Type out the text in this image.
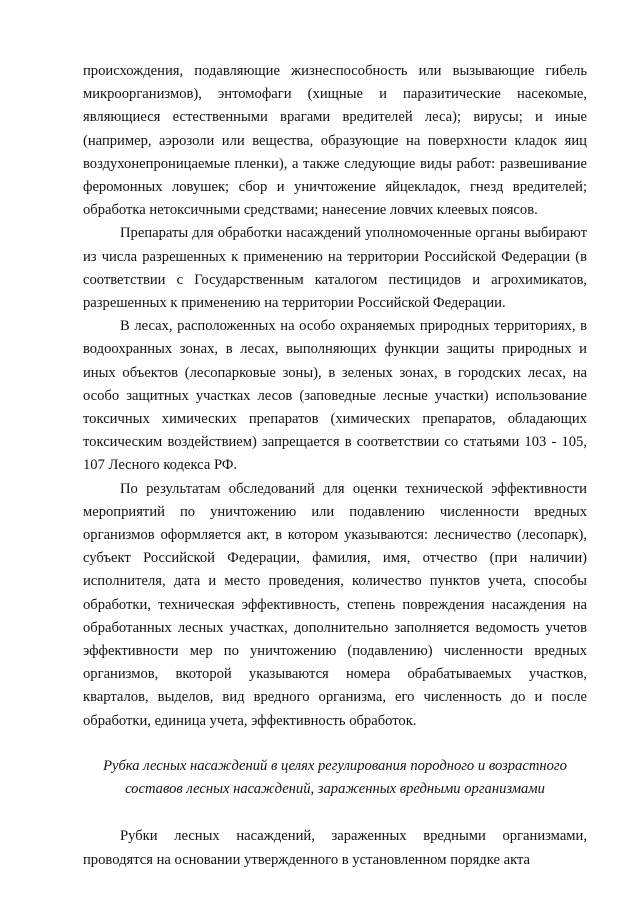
происхождения, подавляющие жизнеспособность или вызывающие гибель микроорганизмов), энтомофаги (хищные и паразитические насекомые, являющиеся естественными врагами вредителей леса); вирусы; и иные (например, аэрозоли или вещества, образующие на поверхности кладок яиц воздухонепроницаемые пленки), а также следующие виды работ: развешивание феромонных ловушек; сбор и уничтожение яйцекладок, гнезд вредителей; обработка нетоксичными средствами; нанесение ловчих клеевых поясов.

Препараты для обработки насаждений уполномоченные органы выбирают из числа разрешенных к применению на территории Российской Федерации (в соответствии с Государственным каталогом пестицидов и агрохимикатов, разрешенных к применению на территории Российской Федерации.

В лесах, расположенных на особо охраняемых природных территориях, в водоохранных зонах, в лесах, выполняющих функции защиты природных и иных объектов (лесопарковые зоны), в зеленых зонах, в городских лесах, на особо защитных участках лесов (заповедные лесные участки) использование токсичных химических препаратов (химических препаратов, обладающих токсическим воздействием) запрещается в соответствии со статьями 103 - 105, 107 Лесного кодекса РФ.

По результатам обследований для оценки технической эффективности мероприятий по уничтожению или подавлению численности вредных организмов оформляется акт, в котором указываются: лесничество (лесопарк), субъект Российской Федерации, фамилия, имя, отчество (при наличии) исполнителя, дата и место проведения, количество пунктов учета, способы обработки, техническая эффективность, степень повреждения насаждения на обработанных лесных участках, дополнительно заполняется ведомость учетов эффективности мер по уничтожению (подавлению) численности вредных организмов, вкоторой указываются номера обрабатываемых участков, кварталов, выделов, вид вредного организма, его численность до и после обработки, единица учета, эффективность обработок.

Рубка лесных насаждений в целях регулирования породного и возрастного составов лесных насаждений, зараженных вредными организмами

Рубки лесных насаждений, зараженных вредными организмами, проводятся на основании утвержденного в установленном порядке акта
